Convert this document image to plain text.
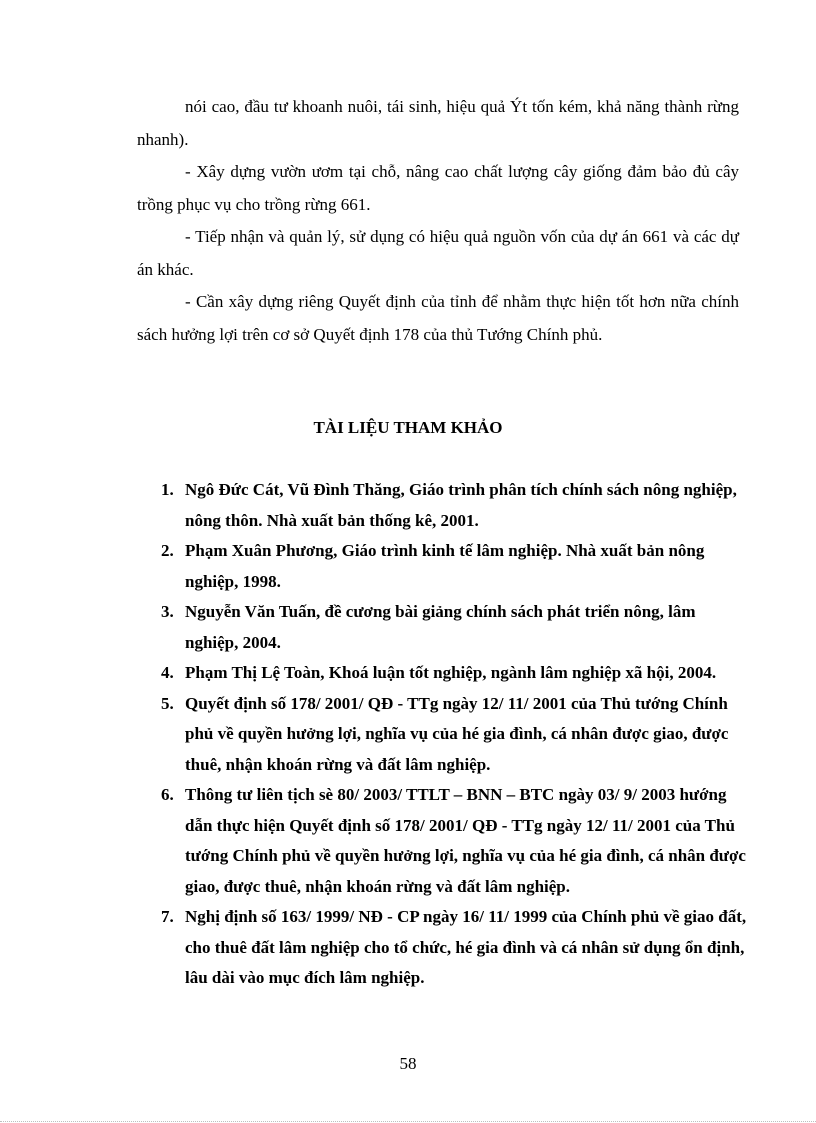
nói cao, đầu tư khoanh nuôi, tái sinh, hiệu quả Ýt tốn kém, khả năng thành rừng nhanh).

- Xây dựng vườn ươm tại chỗ, nâng cao chất lượng cây giống đảm bảo đủ cây trồng phục vụ cho trồng rừng 661.

- Tiếp nhận và quản lý, sử dụng có hiệu quả nguồn vốn của dự án 661 và các dự án khác.

- Cần xây dựng riêng Quyết định của tỉnh để nhằm thực hiện tốt hơn nữa chính sách hưởng lợi trên cơ sở Quyết định 178 của thủ Tướng Chính phủ.

TÀI LIỆU THAM KHẢO
1. Ngô Đức Cát, Vũ Đình Thăng, Giáo trình phân tích chính sách nông nghiệp, nông thôn. Nhà xuất bản thống kê, 2001.
2. Phạm Xuân Phương, Giáo trình kinh tế lâm nghiệp. Nhà xuất bản nông nghiệp, 1998.
3. Nguyễn Văn Tuấn, đề cương bài giảng chính sách phát triển nông, lâm nghiệp, 2004.
4. Phạm Thị Lệ Toàn, Khoá luận tốt nghiệp, ngành lâm nghiệp xã hội, 2004.
5. Quyết định số 178/ 2001/ QĐ - TTg ngày 12/ 11/ 2001 của Thủ tướng Chính phủ về quyền hưởng lợi, nghĩa vụ của hé gia đình, cá nhân được giao, được thuê, nhận khoán rừng và đất lâm nghiệp.
6. Thông tư liên tịch sè 80/ 2003/ TTLT – BNN – BTC ngày 03/ 9/ 2003 hướng dẫn thực hiện Quyết định số 178/ 2001/ QĐ - TTg ngày 12/ 11/ 2001 của Thủ tướng Chính phủ về quyền hưởng lợi, nghĩa vụ của hé gia đình, cá nhân được giao, được thuê, nhận khoán rừng và đất lâm nghiệp.
7. Nghị định số 163/ 1999/ NĐ - CP ngày 16/ 11/ 1999 của Chính phủ về giao đất, cho thuê đất lâm nghiệp cho tổ chức, hé gia đình và cá nhân sử dụng ổn định, lâu dài vào mục đích lâm nghiệp.
58
